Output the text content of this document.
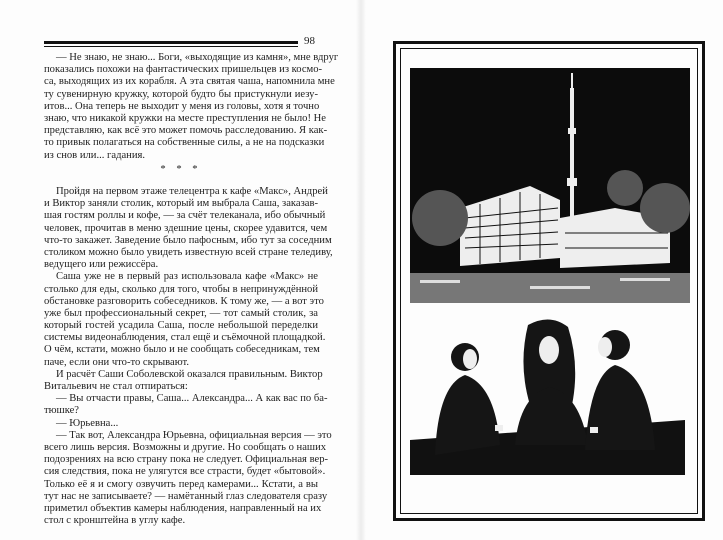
98
— Не знаю, не знаю... Боги, «выходящие из камня», мне вдруг
показались похожи на фантастических пришельцев из космо-
са, выходящих из их корабля. А эта святая чаша, напомнила мне
ту сувенирную кружку, которой будто бы пристукнули иезу-
итов... Она теперь не выходит у меня из головы, хотя я точно
знаю, что никакой кружки на месте преступления не было! Не
представляю, как всё это может помочь расследованию. Я как-
то привык полагаться на собственные силы, а не на подсказки
из снов или... гадания.
* * *
Пройдя на первом этаже телецентра к кафе «Макс», Андрей
и Виктор заняли столик, который им выбрала Саша, заказав-
шая гостям роллы и кофе, — за счёт телеканала, ибо обычный
человек, прочитав в меню здешние цены, скорее удавится, чем
что-то закажет. Заведение было пафосным, ибо тут за соседним
столиком можно было увидеть известную всей стране теледиву,
ведущего или режиссёра.
Саша уже не в первый раз использовала кафе «Макс» не
столько для еды, сколько для того, чтобы в непринуждённой
обстановке разговорить собеседников. К тому же, — а вот это
уже был профессиональный секрет, — тот самый столик, за
который гостей усадила Саша, после небольшой переделки
системы видеонаблюдения, стал ещё и съёмочной площадкой.
О чём, кстати, можно было и не сообщать собеседникам, тем
паче, если они что-то скрывают.
И расчёт Саши Соболевской оказался правильным. Виктор
Витальевич не стал отпираться:
— Вы отчасти правы, Саша... Александра... А как вас по ба-
тюшке?
— Юрьевна...
— Так вот, Александра Юрьевна, официальная версия — это
всего лишь версия. Возможны и другие. Но сообщать о наших
подозрениях на всю страну пока не следует. Официальная вер-
сия следствия, пока не улягутся все страсти, будет «бытовой».
Только её я и смогу озвучить перед камерами... Кстати, а вы
тут нас не записываете? — намётанный глаз следователя сразу
приметил объектив камеры наблюдения, направленный на их
стол с кронштейна в углу кафе.
